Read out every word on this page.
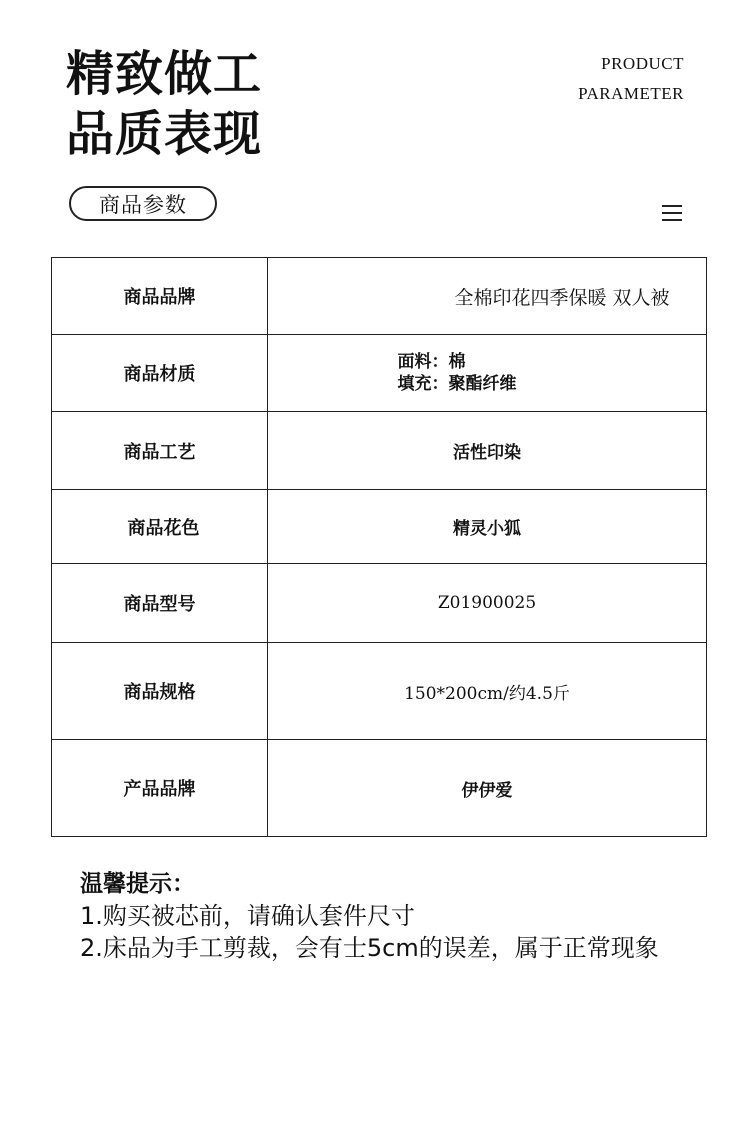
精致做工
品质表现
PRODUCT
PARAMETER
商品参数
商品品牌	全棉印花四季保暖 双人被
商品材质	面料：棉
填充：聚酯纤维
商品工艺	活性印染
商品花色	精灵小狐
商品型号	Z01900025
商品规格	150*200cm/约4.5斤
产品品牌	伊伊爱
温馨提示：
1.购买被芯前，请确认套件尺寸
2.床品为手工剪裁，会有士5cm的误差，属于正常现象
